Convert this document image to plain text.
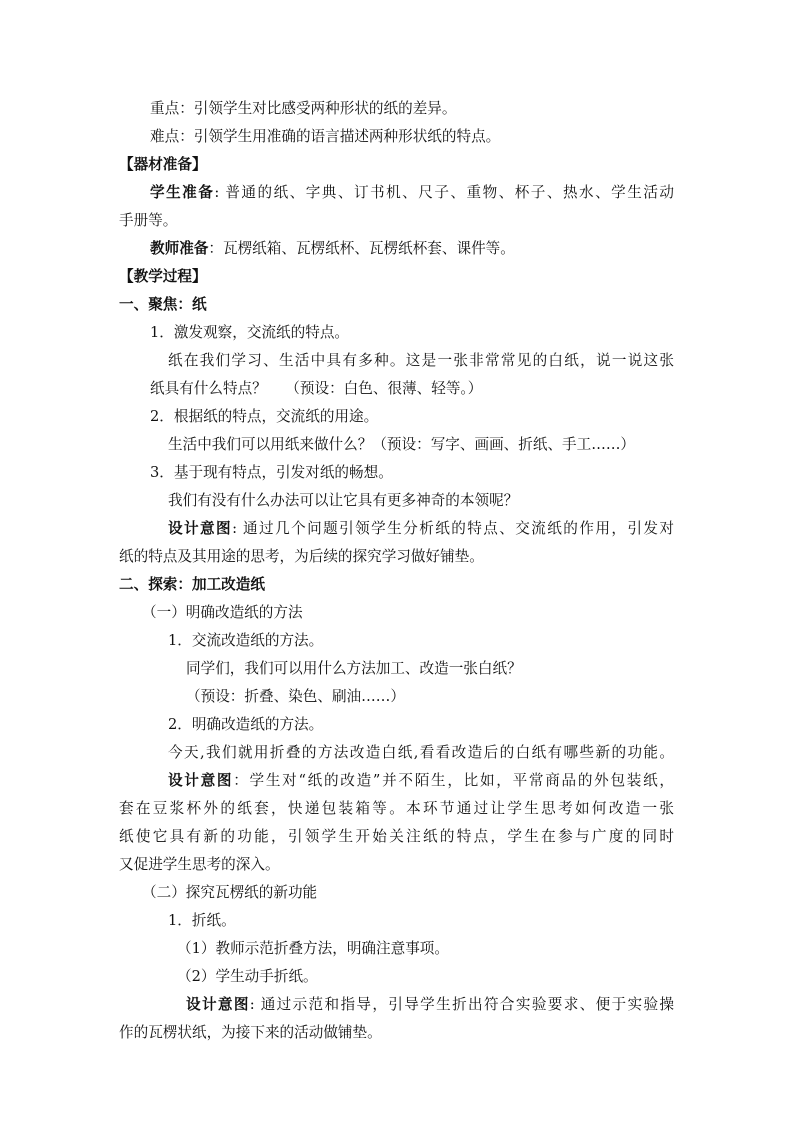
重点：引领学生对比感受两种形状的纸的差异。
难点：引领学生用准确的语言描述两种形状纸的特点。
【器材准备】
学生准备: 普通的纸、字典、订书机、尺子、重物、杯子、热水、学生活动
手册等。
教师准备：瓦楞纸箱、瓦楞纸杯、瓦楞纸杯套、课件等。
【教学过程】
一、聚焦：纸
1．激发观察，交流纸的特点。
纸在我们学习、生活中具有多种。这是一张非常常见的白纸，说一说这张
纸具有什么特点？    （预设：白色、很薄、轻等。）
2．根据纸的特点，交流纸的用途。
生活中我们可以用纸来做什么？（预设：写字、画画、折纸、手工……）
3．基于现有特点，引发对纸的畅想。
我们有没有什么办法可以让它具有更多神奇的本领呢？
设计意图: 通过几个问题引领学生分析纸的特点、交流纸的作用，引发对
纸的特点及其用途的思考，为后续的探究学习做好铺垫。
二、探索：加工改造纸
（一）明确改造纸的方法
1．交流改造纸的方法。
同学们，我们可以用什么方法加工、改造一张白纸？
（预设：折叠、染色、刷油……）
2．明确改造纸的方法。
今天,我们就用折叠的方法改造白纸,看看改造后的白纸有哪些新的功能。
设计意图：学生对“纸的改造”并不陌生，比如，平常商品的外包装纸，
套在豆浆杯外的纸套，快递包装箱等。本环节通过让学生思考如何改造一张
纸使它具有新的功能，引领学生开始关注纸的特点，学生在参与广度的同时
又促进学生思考的深入。
（二）探究瓦楞纸的新功能
1．折纸。
（1）教师示范折叠方法，明确注意事项。
（2）学生动手折纸。
设计意图: 通过示范和指导，引导学生折出符合实验要求、便于实验操
作的瓦楞状纸，为接下来的活动做铺垫。
